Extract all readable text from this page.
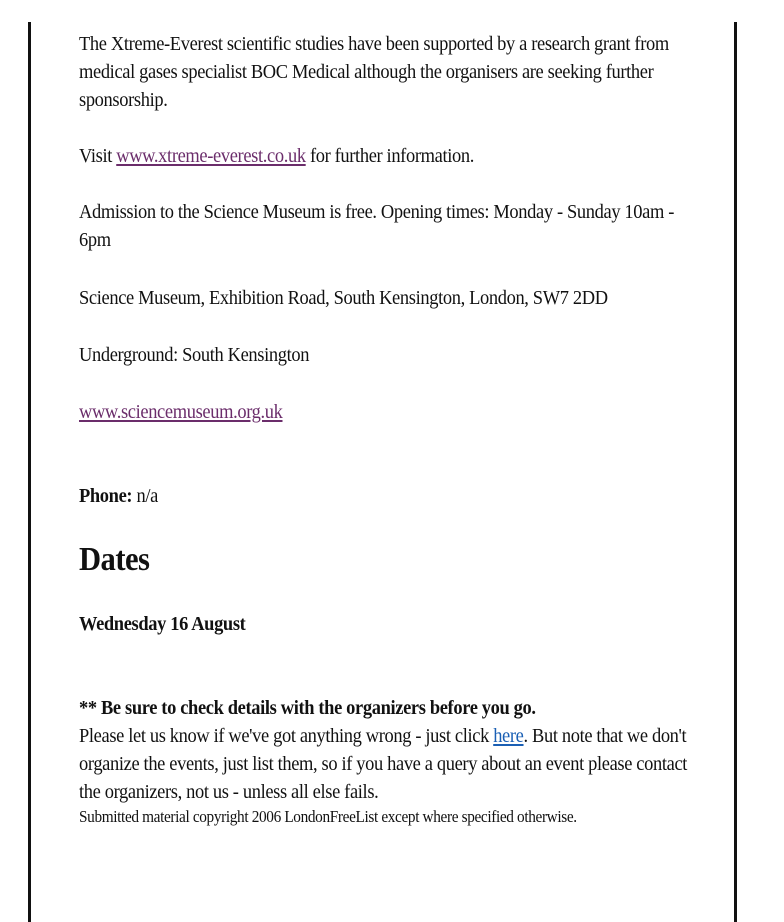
The Xtreme-Everest scientific studies have been supported by a research grant from medical gases specialist BOC Medical although the organisers are seeking further sponsorship.

Visit www.xtreme-everest.co.uk for further information.

Admission to the Science Museum is free. Opening times: Monday - Sunday 10am - 6pm

Science Museum, Exhibition Road, South Kensington, London, SW7 2DD

Underground: South Kensington

www.sciencemuseum.org.uk

Phone: n/a

Dates

Wednesday 16 August

** Be sure to check details with the organizers before you go.
Please let us know if we've got anything wrong - just click here. But note that we don't organize the events, just list them, so if you have a query about an event please contact the organizers, not us - unless all else fails.

Submitted material copyright 2006 LondonFreeList except where specified otherwise.
